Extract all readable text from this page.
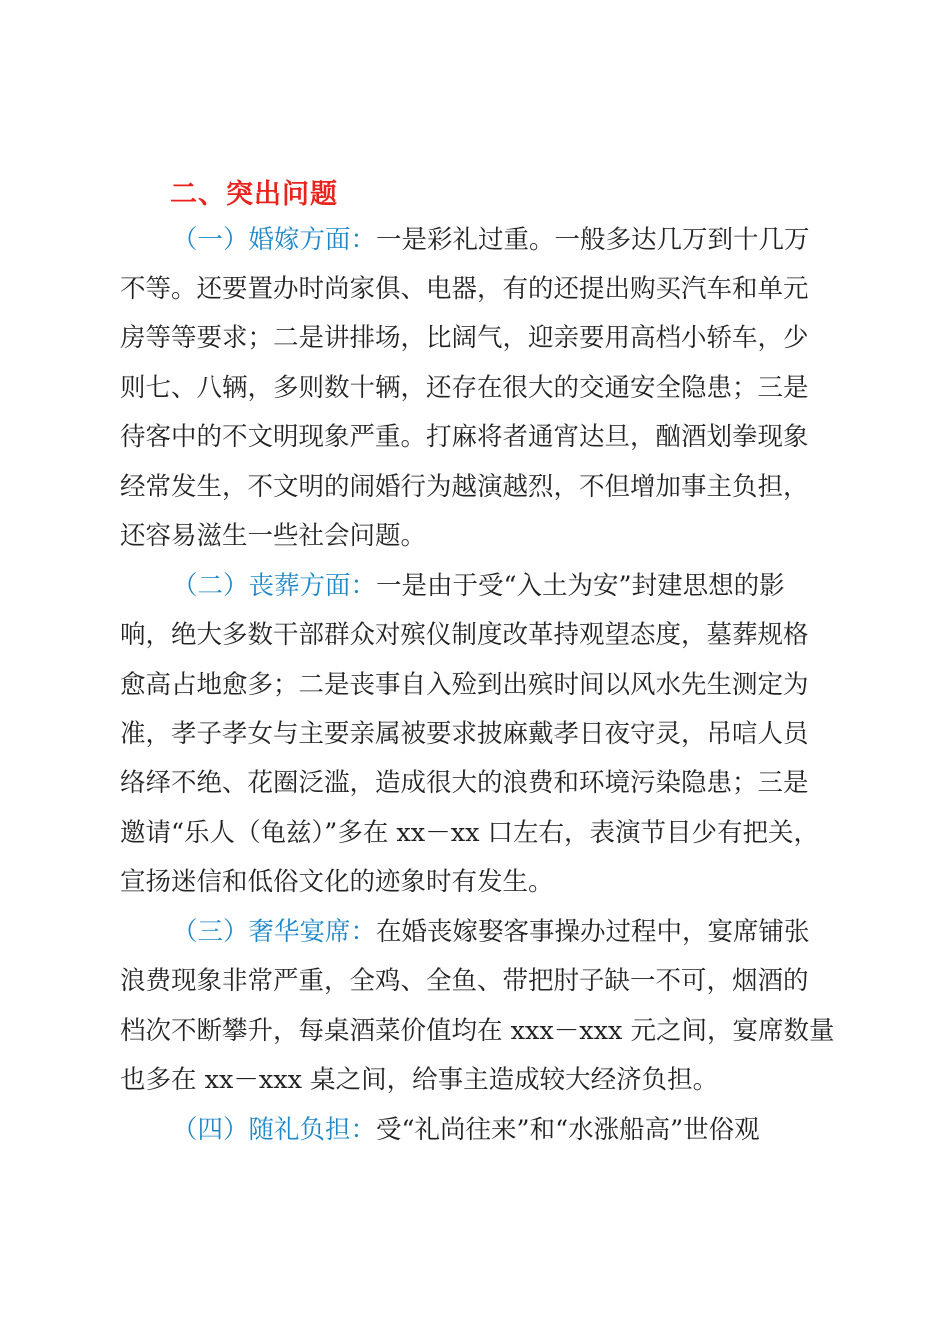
二、突出问题
（一）婚嫁方面：一是彩礼过重。一般多达几万到十几万
不等。还要置办时尚家俱、电器，有的还提出购买汽车和单元
房等等要求；二是讲排场，比阔气，迎亲要用高档小轿车，少
则七、八辆，多则数十辆，还存在很大的交通安全隐患；三是
待客中的不文明现象严重。打麻将者通宵达旦，酗酒划拳现象
经常发生，不文明的闹婚行为越演越烈，不但增加事主负担，
还容易滋生一些社会问题。
（二）丧葬方面：一是由于受“入土为安”封建思想的影
响，绝大多数干部群众对殡仪制度改革持观望态度，墓葬规格
愈高占地愈多；二是丧事自入殓到出殡时间以风水先生测定为
准，孝子孝女与主要亲属被要求披麻戴孝日夜守灵，吊唁人员
络绎不绝、花圈泛滥，造成很大的浪费和环境污染隐患；三是
邀请“乐人（龟兹）”多在 xx－xx 口左右，表演节目少有把关，
宣扬迷信和低俗文化的迹象时有发生。
（三）奢华宴席：在婚丧嫁娶客事操办过程中，宴席铺张
浪费现象非常严重，全鸡、全鱼、带把肘子缺一不可，烟酒的
档次不断攀升，每桌酒菜价值均在 xxx－xxx 元之间，宴席数量
也多在 xx－xxx 桌之间，给事主造成较大经济负担。
（四）随礼负担：受“礼尚往来”和“水涨船高”世俗观
